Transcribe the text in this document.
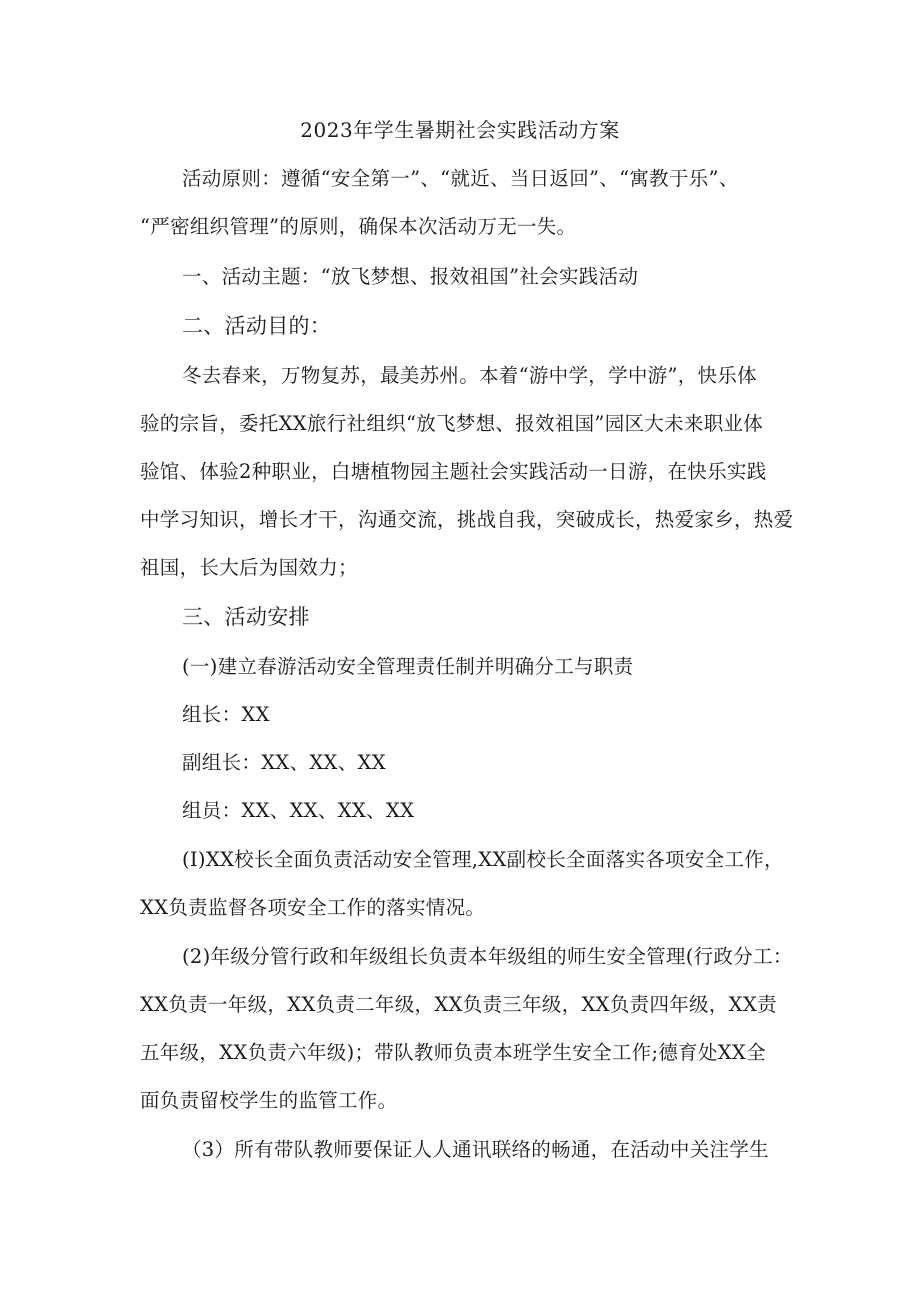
2023年学生暑期社会实践活动方案
活动原则：遵循“安全第一”、“就近、当日返回”、“寓教于乐”、
“严密组织管理”的原则，确保本次活动万无一失。
一、活动主题：“放飞梦想、报效祖国”社会实践活动
二、活动目的：
冬去春来，万物复苏，最美苏州。本着“游中学，学中游”，快乐体
验的宗旨，委托XX旅行社组织“放飞梦想、报效祖国”园区大未来职业体
验馆、体验2种职业，白塘植物园主题社会实践活动一日游，在快乐实践
中学习知识，增长才干，沟通交流，挑战自我，突破成长，热爱家乡，热爱
祖国，长大后为国效力；
三、活动安排
(一)建立春游活动安全管理责任制并明确分工与职责
组长：XX
副组长：XX、XX、XX
组员：XX、XX、XX、XX
(I)XX校长全面负责活动安全管理,XX副校长全面落实各项安全工作，
XX负责监督各项安全工作的落实情况。
(2)年级分管行政和年级组长负责本年级组的师生安全管理(行政分工：
XX负责一年级，XX负责二年级，XX负责三年级，XX负责四年级，XX责
五年级，XX负责六年级)；带队教师负责本班学生安全工作;德育处XX全
面负责留校学生的监管工作。
（3）所有带队教师要保证人人通讯联络的畅通，在活动中关注学生
